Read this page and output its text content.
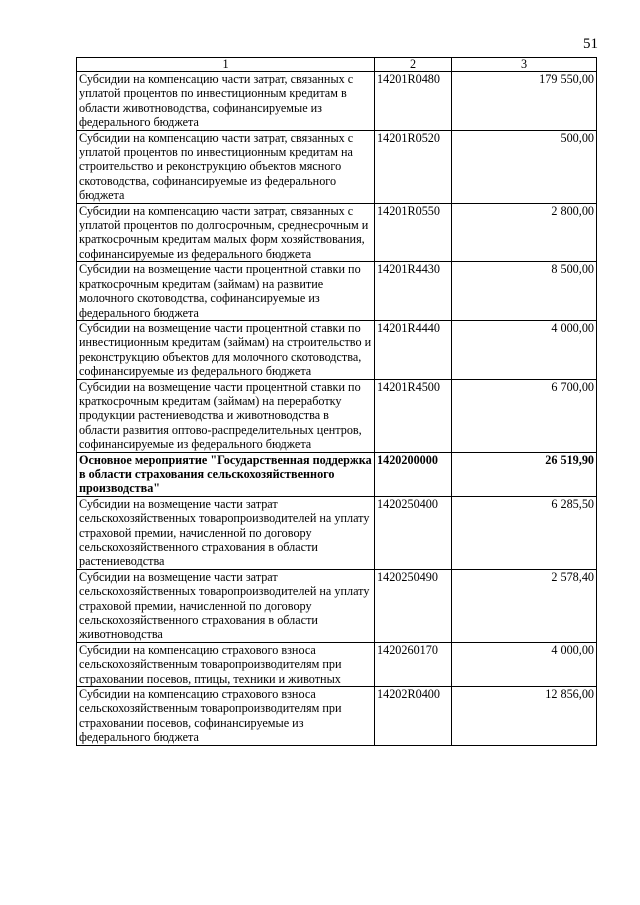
51
1	2	3
Субсидии на компенсацию части затрат, связанных с уплатой процентов по инвестиционным кредитам в области животноводства, софинансируемые из федерального бюджета	14201R0480	179 550,00
Субсидии на компенсацию части затрат, связанных с уплатой процентов по инвестиционным кредитам на строительство и реконструкцию объектов мясного скотоводства, софинансируемые из федерального бюджета	14201R0520	500,00
Субсидии на компенсацию части затрат, связанных с уплатой процентов по долгосрочным, среднесрочным и краткосрочным кредитам малых форм хозяйствования, софинансируемые из федерального бюджета	14201R0550	2 800,00
Субсидии на возмещение части процентной ставки по краткосрочным кредитам (займам) на развитие молочного скотоводства, софинансируемые из федерального бюджета	14201R4430	8 500,00
Субсидии на возмещение части процентной ставки по инвестиционным кредитам (займам) на строительство и реконструкцию объектов для молочного скотоводства, софинансируемые из федерального бюджета	14201R4440	4 000,00
Субсидии на возмещение части процентной ставки по краткосрочным кредитам (займам) на переработку продукции растениеводства и животноводства в области развития оптово-распределительных центров, софинансируемые из федерального бюджета	14201R4500	6 700,00
Основное мероприятие "Государственная поддержка в области страхования сельскохозяйственного производства"	1420200000	26 519,90
Субсидии на возмещение части затрат сельскохозяйственных товаропроизводителей на уплату страховой премии, начисленной по договору сельскохозяйственного страхования в области растениеводства	1420250400	6 285,50
Субсидии на возмещение части затрат сельскохозяйственных товаропроизводителей на уплату страховой премии, начисленной по договору сельскохозяйственного страхования в области животноводства	1420250490	2 578,40
Субсидии на компенсацию страхового взноса сельскохозяйственным товаропроизводителям при страховании посевов, птицы, техники и животных	1420260170	4 000,00
Субсидии на компенсацию страхового взноса сельскохозяйственным товаропроизводителям при страховании посевов, софинансируемые из федерального бюджета	14202R0400	12 856,00
